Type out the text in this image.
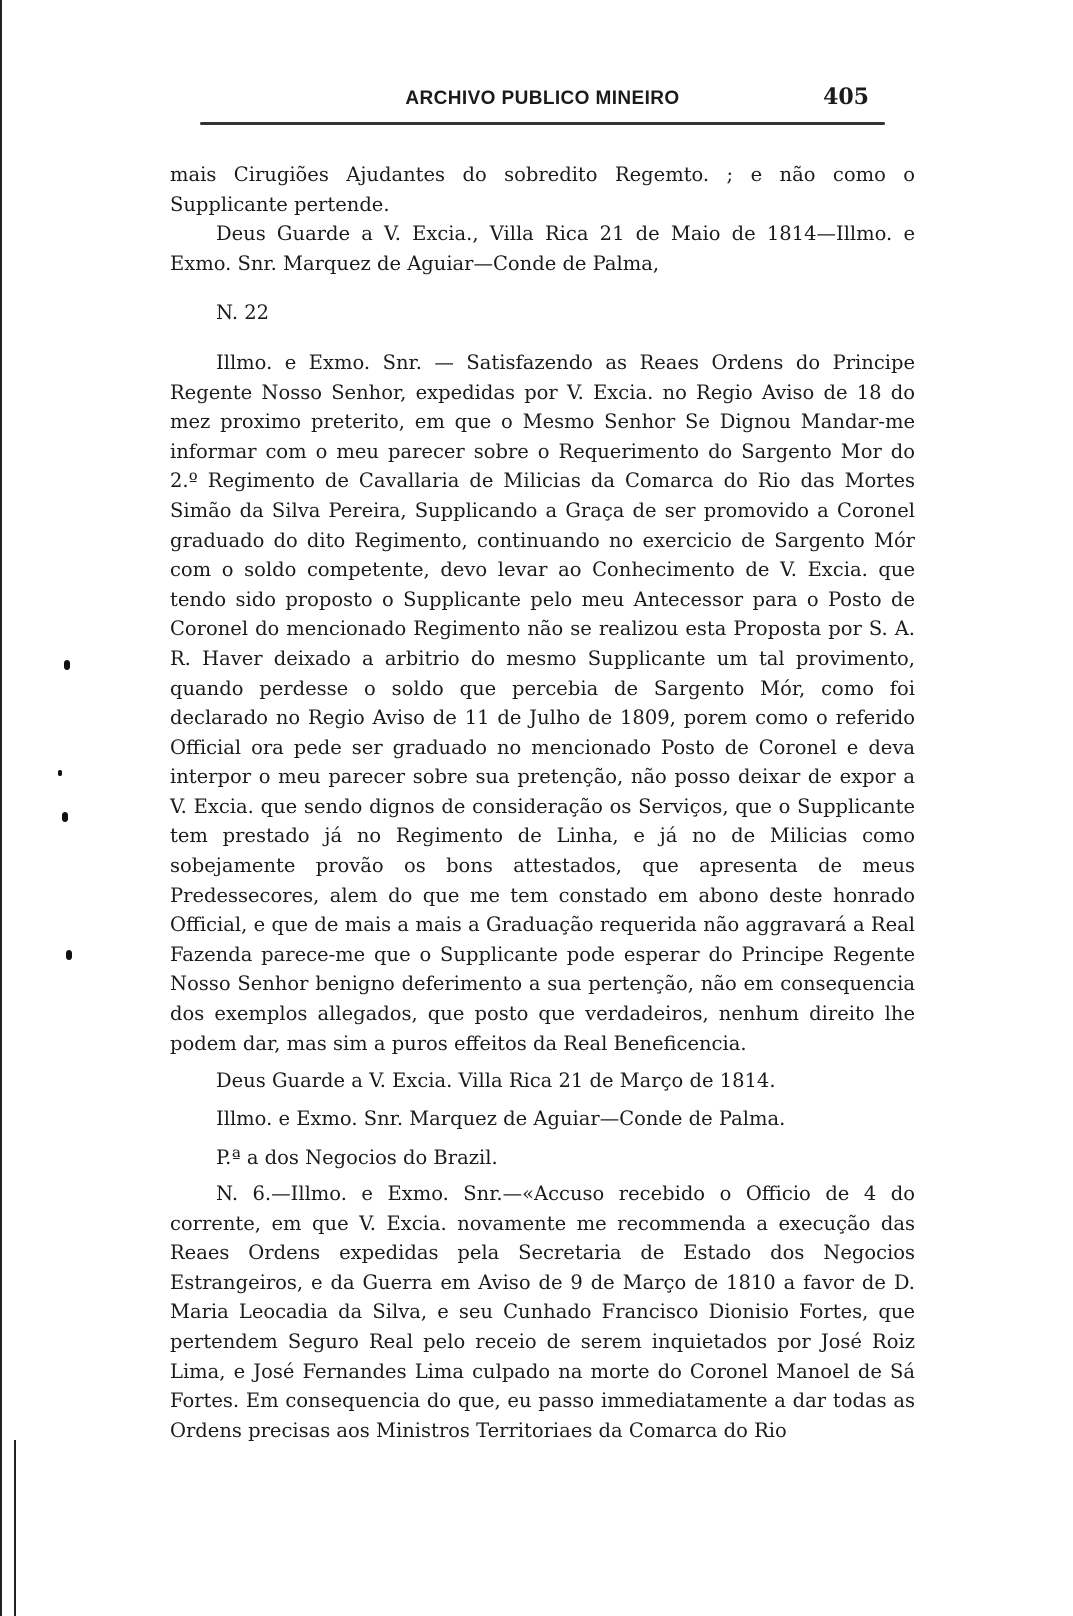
ARCHIVO PUBLICO MINEIRO	405

mais Cirugiões Ajudantes do sobredito Regemto. ; e não como o Supplicante pertende.

Deus Guarde a V. Excia., Villa Rica 21 de Maio de 1814—Illmo. e Exmo. Snr. Marquez de Aguiar—Conde de Palma,

N. 22

Illmo. e Exmo. Snr. — Satisfazendo as Reaes Ordens do Principe Regente Nosso Senhor, expedidas por V. Excia. no Regio Aviso de 18 do mez proximo preterito, em que o Mesmo Senhor Se Dignou Mandar-me informar com o meu parecer sobre o Requerimento do Sargento Mor do 2.º Regimento de Cavallaria de Milicias da Comarca do Rio das Mortes Simão da Silva Pereira, Supplicando a Graça de ser promovido a Coronel graduado do dito Regimento, continuando no exercicio de Sargento Mór com o soldo competente, devo levar ao Conhecimento de V. Excia. que tendo sido proposto o Supplicante pelo meu Antecessor para o Posto de Coronel do mencionado Regimento não se realizou esta Proposta por S. A. R. Haver deixado a arbitrio do mesmo Supplicante um tal provimento, quando perdesse o soldo que percebia de Sargento Mór, como foi declarado no Regio Aviso de 11 de Julho de 1809, porem como o referido Official ora pede ser graduado no mencionado Posto de Coronel e deva interpor o meu parecer sobre sua pretenção, não posso deixar de expor a V. Excia. que sendo dignos de consideração os Serviços, que o Supplicante tem prestado já no Regimento de Linha, e já no de Milicias como sobejamente provão os bons attestados, que apresenta de meus Predessecores, alem do que me tem constado em abono deste honrado Official, e que de mais a mais a Graduação requerida não aggravará a Real Fazenda parece-me que o Supplicante pode esperar do Principe Regente Nosso Senhor benigno deferimento a sua pertenção, não em consequencia dos exemplos allegados, que posto que verdadeiros, nenhum direito lhe podem dar, mas sim a puros effeitos da Real Beneficencia.

Deus Guarde a V. Excia. Villa Rica 21 de Março de 1814.

Illmo. e Exmo. Snr. Marquez de Aguiar—Conde de Palma.

P.ª a dos Negocios do Brazil.

N. 6.—Illmo. e Exmo. Snr.—«Accuso recebido o Officio de 4 do corrente, em que V. Excia. novamente me recommenda a execução das Reaes Ordens expedidas pela Secretaria de Estado dos Negocios Estrangeiros, e da Guerra em Aviso de 9 de Março de 1810 a favor de D. Maria Leocadia da Silva, e seu Cunhado Francisco Dionisio Fortes, que pertendem Seguro Real pelo receio de serem inquietados por José Roiz Lima, e José Fernandes Lima culpado na morte do Coronel Manoel de Sá Fortes. Em consequencia do que, eu passo immediatamente a dar todas as Ordens precisas aos Ministros Territoriaes da Comarca do Rio
